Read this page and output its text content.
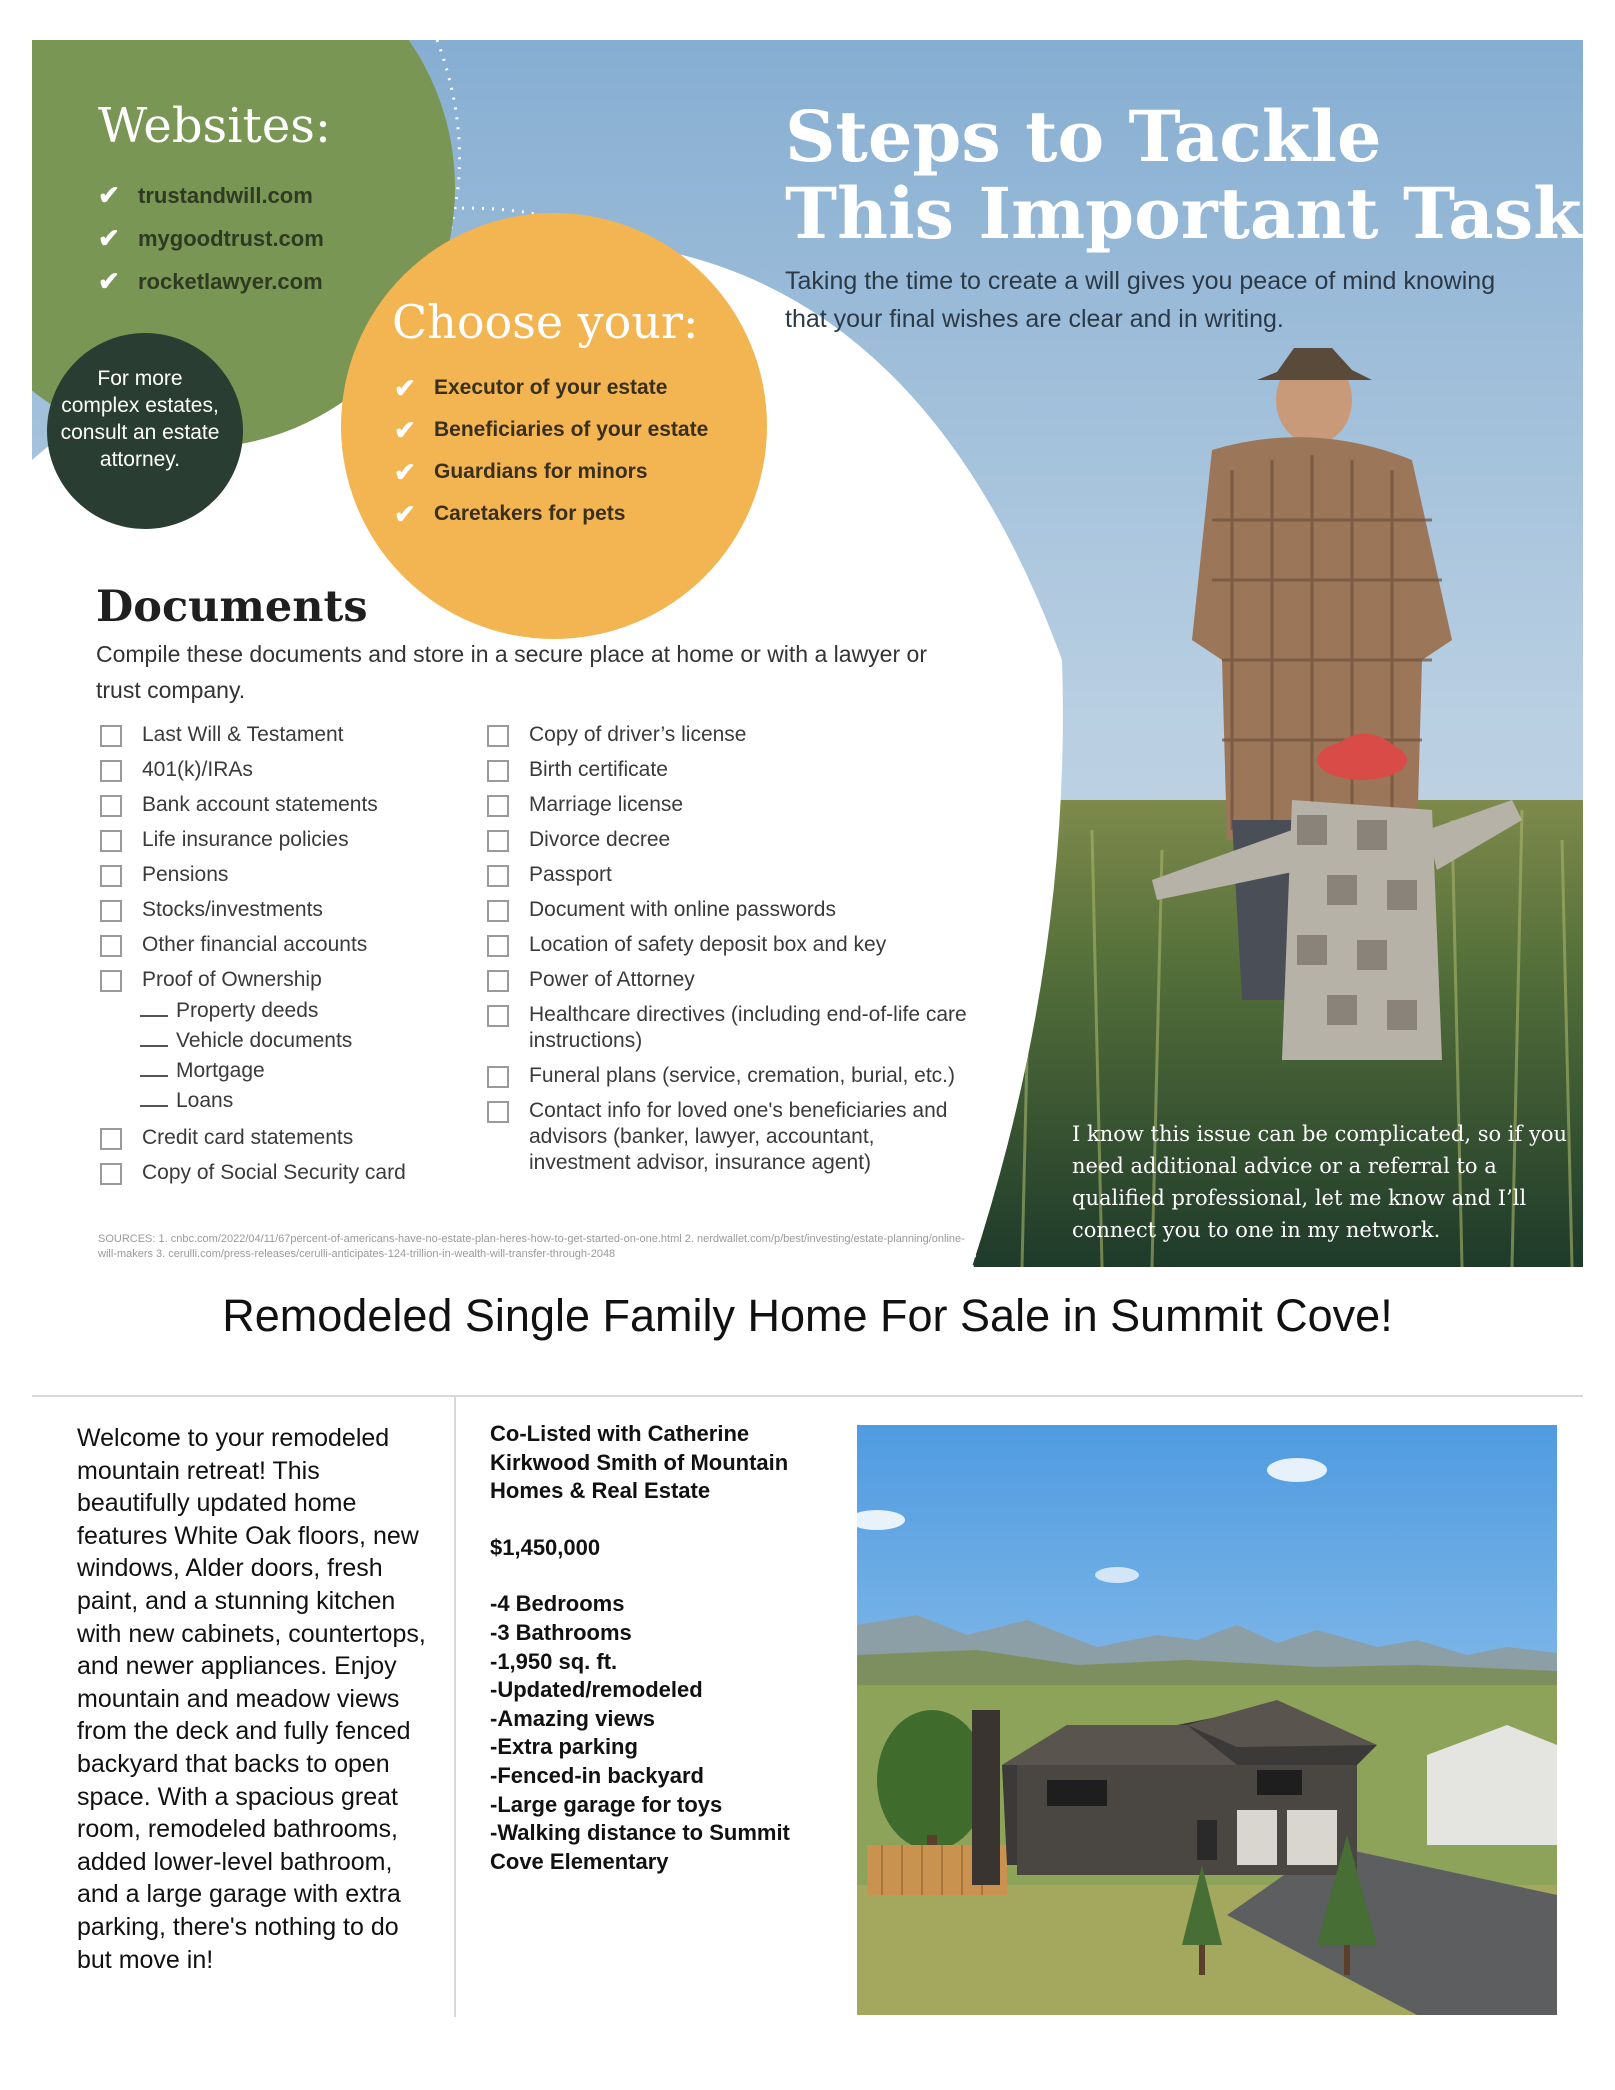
Websites:
✔ trustandwill.com
✔ mygoodtrust.com
✔ rocketlawyer.com
For more complex estates, consult an estate attorney.
Choose your:
✔ Executor of your estate
✔ Beneficiaries of your estate
✔ Guardians for minors
✔ Caretakers for pets
Steps to Tackle
This Important Task
Taking the time to create a will gives you peace of mind knowing that your final wishes are clear and in writing.
Documents
Compile these documents and store in a secure place at home or with a lawyer or trust company.
Last Will & Testament
401(k)/IRAs
Bank account statements
Life insurance policies
Pensions
Stocks/investments
Other financial accounts
Proof of Ownership
Property deeds
Vehicle documents
Mortgage
Loans
Credit card statements
Copy of Social Security card
Copy of driver’s license
Birth certificate
Marriage license
Divorce decree
Passport
Document with online passwords
Location of safety deposit box and key
Power of Attorney
Healthcare directives (including end-of-life care instructions)
Funeral plans (service, cremation, burial, etc.)
Contact info for loved one's beneficiaries and advisors (banker, lawyer, accountant, investment advisor, insurance agent)
SOURCES: 1. cnbc.com/2022/04/11/67percent-of-americans-have-no-estate-plan-heres-how-to-get-started-on-one.html 2. nerdwallet.com/p/best/investing/estate-planning/online-will-makers 3. cerulli.com/press-releases/cerulli-anticipates-124-trillion-in-wealth-will-transfer-through-2048
I know this issue can be complicated, so if you need additional advice or a referral to a qualified professional, let me know and I’ll connect you to one in my network.
Remodeled Single Family Home For Sale in Summit Cove!
Welcome to your remodeled mountain retreat! This beautifully updated home features White Oak floors, new windows, Alder doors, fresh paint, and a stunning kitchen with new cabinets, countertops, and newer appliances. Enjoy mountain and meadow views from the deck and fully fenced backyard that backs to open space. With a spacious great room, remodeled bathrooms, added lower-level bathroom, and a large garage with extra parking, there's nothing to do but move in!
Co-Listed with Catherine Kirkwood Smith of Mountain Homes & Real Estate
$1,450,000
-4 Bedrooms
-3 Bathrooms
-1,950 sq. ft.
-Updated/remodeled
-Amazing views
-Extra parking
-Fenced-in backyard
-Large garage for toys
-Walking distance to Summit Cove Elementary
